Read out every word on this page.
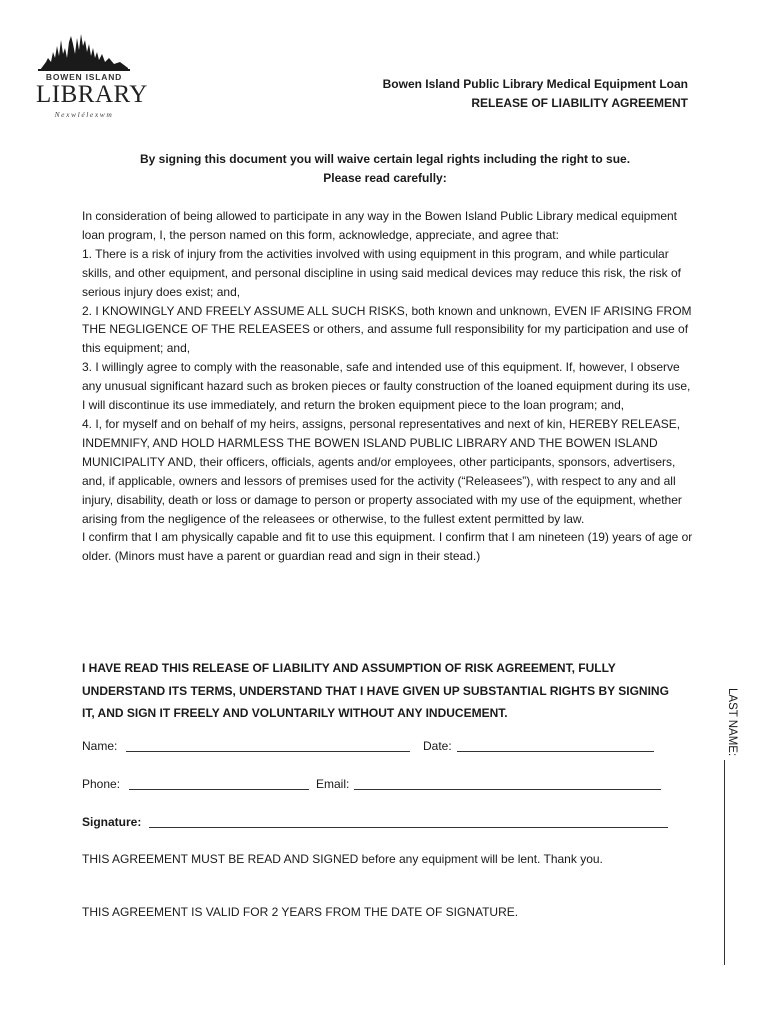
BOWEN ISLAND
LIBRARY
Nexwlélexwm
Bowen Island Public Library Medical Equipment Loan
RELEASE OF LIABILITY AGREEMENT
By signing this document you will waive certain legal rights including the right to sue.
Please read carefully:

In consideration of being allowed to participate in any way in the Bowen Island Public Library medical equipment loan program, I, the person named on this form, acknowledge, appreciate, and agree that:

1. There is a risk of injury from the activities involved with using equipment in this program, and while particular skills, and other equipment, and personal discipline in using said medical devices may reduce this risk, the risk of serious injury does exist; and,

2. I KNOWINGLY AND FREELY ASSUME ALL SUCH RISKS, both known and unknown, EVEN IF ARISING FROM THE NEGLIGENCE OF THE RELEASEES or others, and assume full responsibility for my participation and use of this equipment; and,

3. I willingly agree to comply with the reasonable, safe and intended use of this equipment. If, however, I observe any unusual significant hazard such as broken pieces or faulty construction of the loaned equipment during its use, I will discontinue its use immediately, and return the broken equipment piece to the loan program; and,

4. I, for myself and on behalf of my heirs, assigns, personal representatives and next of kin, HEREBY RELEASE, INDEMNIFY, AND HOLD HARMLESS THE BOWEN ISLAND PUBLIC LIBRARY AND THE BOWEN ISLAND MUNICIPALITY AND, their officers, officials, agents and/or employees, other participants, sponsors, advertisers, and, if applicable, owners and lessors of premises used for the activity (“Releasees”), with respect to any and all injury, disability, death or loss or damage to person or property associated with my use of the equipment, whether arising from the negligence of the releasees or otherwise, to the fullest extent permitted by law.

I confirm that I am physically capable and fit to use this equipment. I confirm that I am nineteen (19) years of age or older. (Minors must have a parent or guardian read and sign in their stead.)

I HAVE READ THIS RELEASE OF LIABILITY AND ASSUMPTION OF RISK AGREEMENT, FULLY UNDERSTAND ITS TERMS, UNDERSTAND THAT I HAVE GIVEN UP SUBSTANTIAL RIGHTS BY SIGNING IT, AND SIGN IT FREELY AND VOLUNTARILY WITHOUT ANY INDUCEMENT.
Name:	Date:
Phone:	Email:
Signature:
THIS AGREEMENT MUST BE READ AND SIGNED before any equipment will be lent. Thank you.
THIS AGREEMENT IS VALID FOR 2 YEARS FROM THE DATE OF SIGNATURE.
LAST NAME:
